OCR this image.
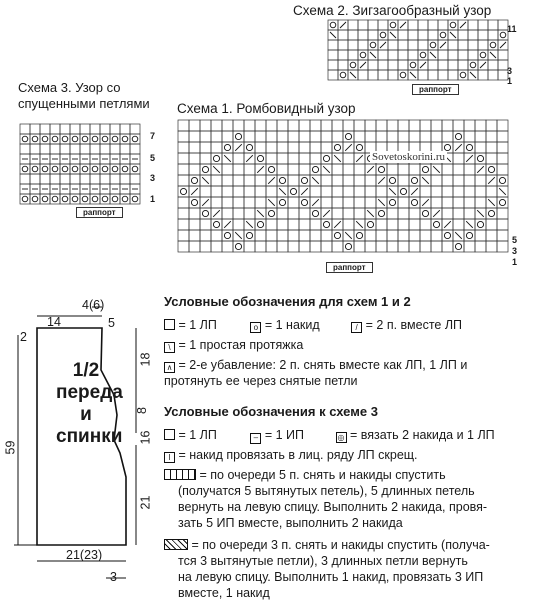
Схема 2. Зигзагообразный узор
11
3
1
раппорт
Схема 3. Узор со
спущенными петлями
7
5
3
1
раппорт
Схема 1. Ромбовидный узор
Sovetoskorini.ru
5
3
1
раппорт
1/2 переда и спинки
4(6)
14	5
2
18
8
16
59
21
21(23)
3
Условные обозначения для схем 1 и 2
= 1 ЛП	o = 1 накид	/ = 2 п. вместе ЛП
\ = 1 простая протяжка
∧ = 2-е убавление: 2 п. снять вместе как ЛП, 1 ЛП и
протянуть ее через снятые петли
Условные обозначения к схеме 3
= 1 ЛП	– = 1 ИП	◎ = вязать 2 накида и 1 ЛП
I = накид провязать в лиц. ряду ЛП скрещ.
= по очереди 5 п. снять и накиды спустить
(получатся 5 вытянутых петель), 5 длинных петель
вернуть на левую спицу. Выполнить 2 накида, провя-
зать 5 ИП вместе, выполнить 2 накида
= по очереди 3 п. снять и накиды спустить (получа-
тся 3 вытянутые петли), 3 длинных петли вернуть
на левую спицу. Выполнить 1 накид, провязать 3 ИП
вместе, 1 накид
